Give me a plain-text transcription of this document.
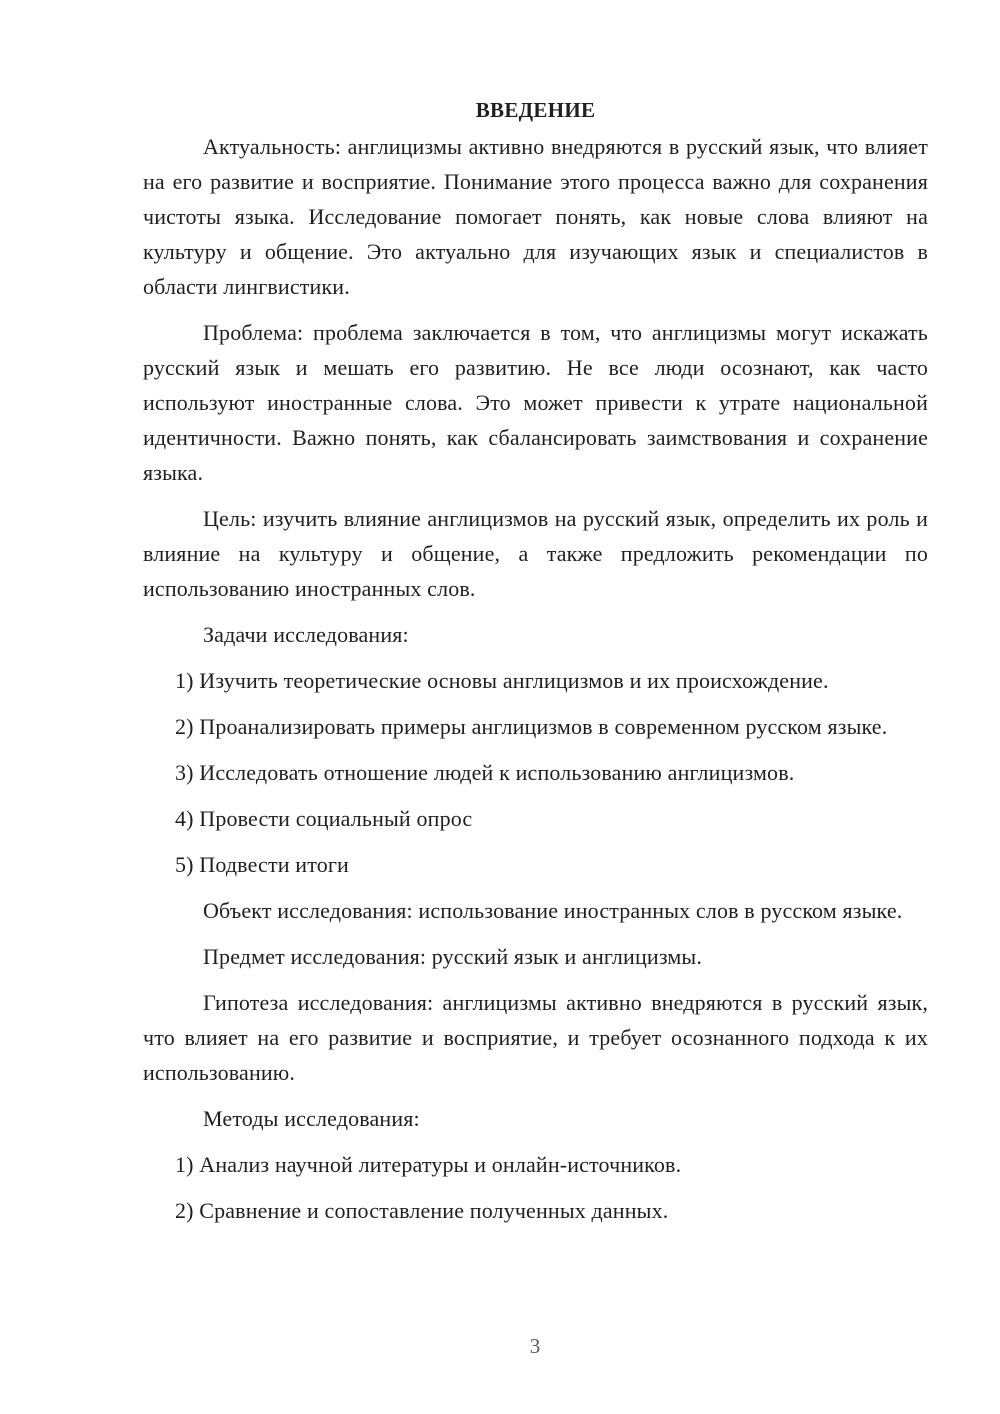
ВВЕДЕНИЕ

Актуальность: англицизмы активно внедряются в русский язык, что влияет на его развитие и восприятие. Понимание этого процесса важно для сохранения чистоты языка. Исследование помогает понять, как новые слова влияют на культуру и общение. Это актуально для изучающих язык и специалистов в области лингвистики.

Проблема: проблема заключается в том, что англицизмы могут искажать русский язык и мешать его развитию. Не все люди осознают, как часто используют иностранные слова. Это может привести к утрате национальной идентичности. Важно понять, как сбалансировать заимствования и сохранение языка.

Цель: изучить влияние англицизмов на русский язык, определить их роль и влияние на культуру и общение, а также предложить рекомендации по использованию иностранных слов.

Задачи исследования:

1) Изучить теоретические основы англицизмов и их происхождение.

2) Проанализировать примеры англицизмов в современном русском языке.

3) Исследовать отношение людей к использованию англицизмов.

4) Провести социальный опрос

5) Подвести итоги

Объект исследования: использование иностранных слов в русском языке.

Предмет исследования: русский язык и англицизмы.

Гипотеза исследования: англицизмы активно внедряются в русский язык, что влияет на его развитие и восприятие, и требует осознанного подхода к их использованию.

Методы исследования:

1) Анализ научной литературы и онлайн-источников.

2) Сравнение и сопоставление полученных данных.

3
